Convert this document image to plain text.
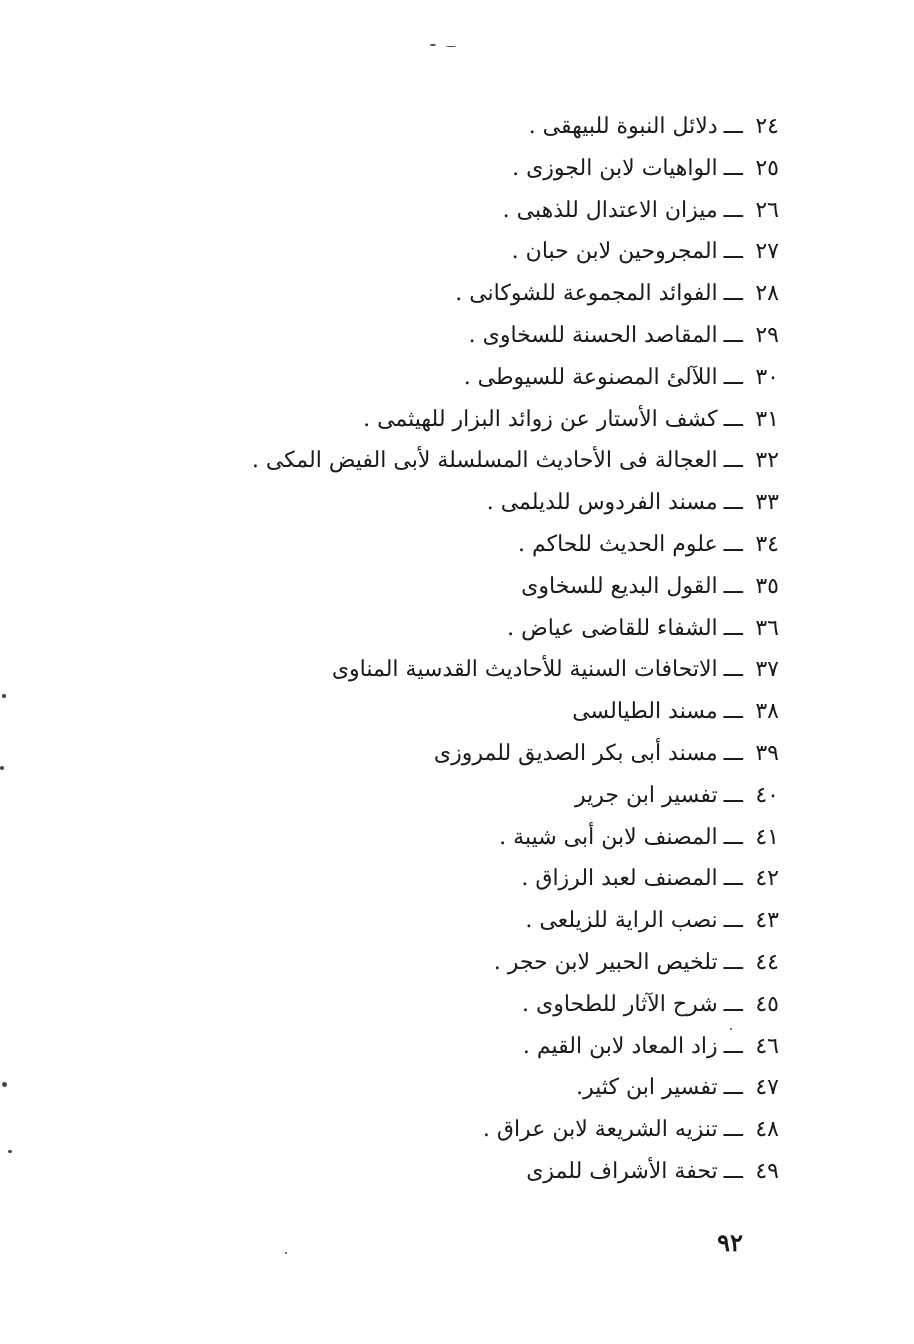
٢٤ـــدلائل النبوة للبيهقى .
٢٥ـــالواهيات لابن الجوزى .
٢٦ـــميزان الاعتدال للذهبى .
٢٧ـــالمجروحين لابن حبان .
٢٨ـــالفوائد المجموعة للشوكانى .
٢٩ـــالمقاصد الحسنة للسخاوى .
٣٠ـــاللآلئ المصنوعة للسيوطى .
٣١ـــكشف الأستار عن زوائد البزار للهيثمى .
٣٢ـــالعجالة فى الأحاديث المسلسلة لأبى الفيض المكى .
٣٣ـــمسند الفردوس للديلمى .
٣٤ـــعلوم الحديث للحاكم .
٣٥ـــالقول البديع للسخاوى
٣٦ـــالشفاء للقاضى عياض .
٣٧ـــالاتحافات السنية للأحاديث القدسية المناوى
٣٨ـــمسند الطيالسى
٣٩ـــمسند أبى بكر الصديق للمروزى
٤٠ـــتفسير ابن جرير
٤١ـــالمصنف لابن أبى شيبة .
٤٢ـــالمصنف لعبد الرزاق .
٤٣ـــنصب الراية للزيلعى .
٤٤ـــتلخيص الحبير لابن حجر .
٤٥ـــشرح الآثار للطحاوى .
٤٦ـــزاد المعاد لابن القيم .
٤٧ـــتفسير ابن كثير.
٤٨ـــتنزيه الشريعة لابن عراق .
٤٩ـــتحفة الأشراف للمزى
٩٢
